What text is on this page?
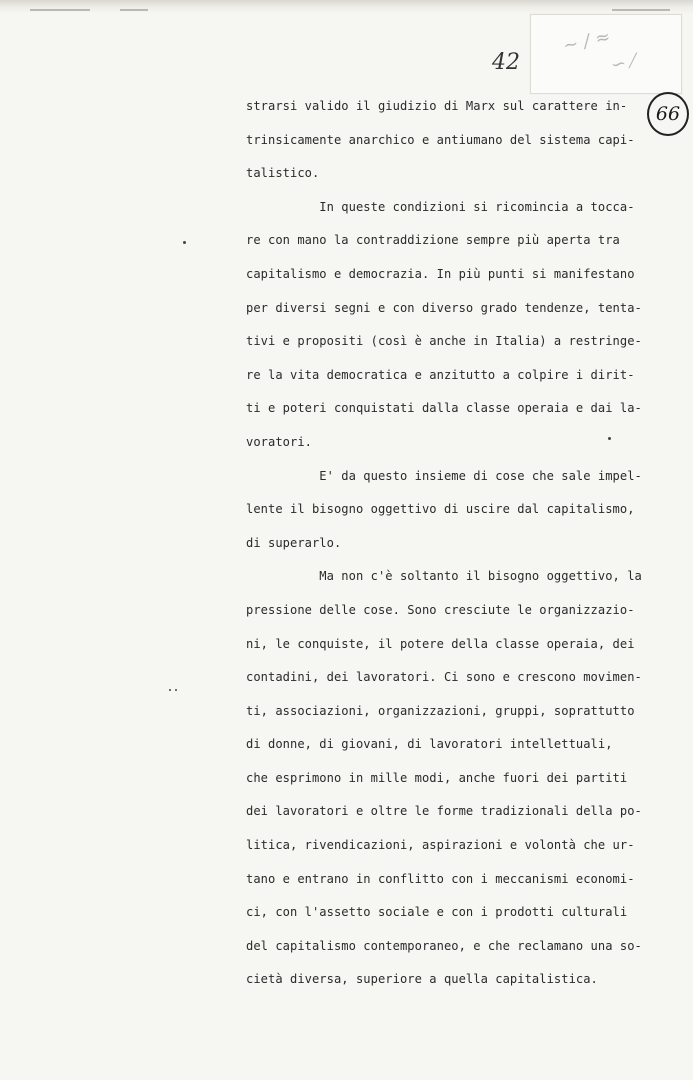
~ ∕ ≈
∽ ⁄
42
66
strarsi valido il giudizio di Marx sul carattere in-
trinsicamente anarchico e antiumano del sistema capi-
talistico.
In queste condizioni si ricomincia a tocca-
re con mano la contraddizione sempre più aperta tra
capitalismo e democrazia. In più punti si manifestano
per diversi segni e con diverso grado tendenze, tenta-
tivi e propositi (così è anche in Italia) a restringe-
re la vita democratica e anzitutto a colpire i dirit-
ti e poteri conquistati dalla classe operaia e dai la-
voratori.
E' da questo insieme di cose che sale impel-
lente il bisogno oggettivo di uscire dal capitalismo,
di superarlo.
Ma non c'è soltanto il bisogno oggettivo, la
pressione delle cose. Sono cresciute le organizzazio-
ni, le conquiste, il potere della classe operaia, dei
contadini, dei lavoratori. Ci sono e crescono movimen-
ti, associazioni, organizzazioni, gruppi, soprattutto
di donne, di giovani, di lavoratori intellettuali,
che esprimono in mille modi, anche fuori dei partiti
dei lavoratori e oltre le forme tradizionali della po-
litica, rivendicazioni, aspirazioni e volontà che ur-
tano e entrano in conflitto con i meccanismi economi-
ci, con l'assetto sociale e con i prodotti culturali
del capitalismo contemporaneo, e che reclamano una so-
cietà diversa, superiore a quella capitalistica.
